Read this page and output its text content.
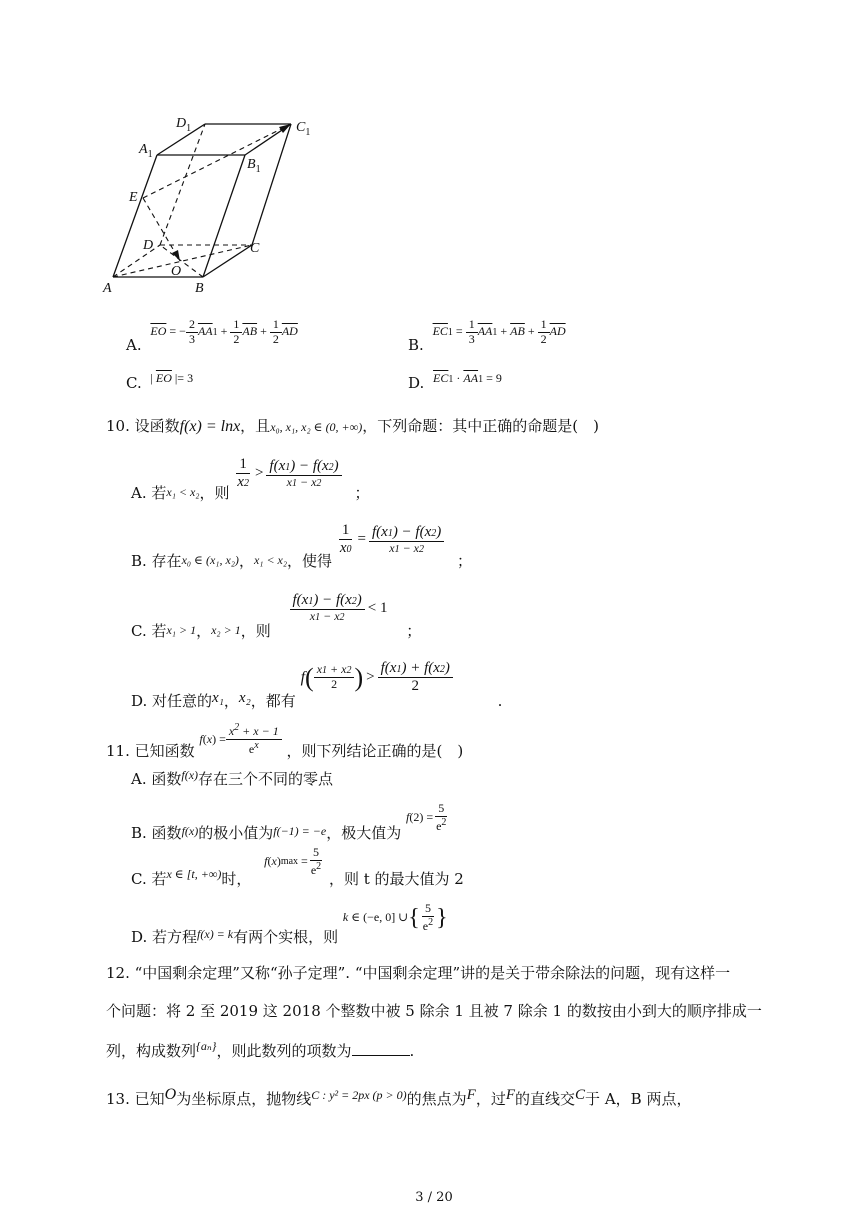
$D_1$	$C_1$
$A_1$
$B_1$
E
D	C
O
A	B
A. $\overline{EO}$ = − $\frac{2}{3} \overline{AA}1 + \frac{1}{2} \overline{AB} + \frac{1}{2} \overline{AD}$
B. $\overline{EC}1 = \frac{1}{3} \overline{AA}1 + \overline{AB} + \frac{1}{2} \overline{AD}$
C. | $\overline{EO}$ |= 3	D. $\overline{EC}1 \cdot \overline{AA}1 = 9$
10. 设函数f(x) = lnx，且x₀, x₁, x₂ ∈ (0, +∞)，下列命题：其中正确的命题是(　)
A. 若$_{x_1 < x_2}$，则
$\frac{1}{x2} > \frac{f(x1) - f(x2)}{x1 - x2}$
；
B. 存在$_{x_0 \in (x_1, x_2)}$，$_{x_1 < x_2}$，使得
$\frac{1}{x0} = \frac{f(x1) - f(x2)}{x1 - x2}$
；
C. 若$_{x_1 > 1}$，$_{x_2 > 1}$，则
$\frac{f(x1) - f(x2)}{x1 - x2} < 1$
；
D. 对任意的x₁，x₂，都有
f ( $\frac{x1 + x2}{2}$ ) > $\frac{f(x1) + f(x2)}{2}$
.
11. 已知函数
f ( x ) = $\frac{x^2 + x - 1}{e^x}$ ，则下列结论正确的是(　)
A. 函数$^{f(x)}$存在三个不同的零点
B. 函数$_{f(x)}$的极小值为$_{f(-1) = -e}$，极大值为
f $(2) = \frac{5}{e^2}$
C. 若$_{x \in [t, +\infty)}$时，
f ( x ) $\max = \frac{5}{e^2}$
，则 t 的最大值为 2
D. 若方程$_{f(x) = k}$有两个实根，则
k ∈ (−e, 0] ∪ { $\frac{5}{e^2}$ }
12. “中国剩余定理”又称“孙子定理”. “中国剩余定理”讲的是关于带余除法的问题，现有这样一
个问题：将 2 至 2019 这 2018 个整数中被 5 除余 1 且被 7 除余 1 的数按由小到大的顺序排成一
列，构成数列$^{\{a_n\}}$，则此数列的项数为	.
13. 已知O为坐标原点，抛物线$^{C : y^2 = 2px (p > 0)}$的焦点为F，过F的直线交C于 A，B 两点，
3 / 20
